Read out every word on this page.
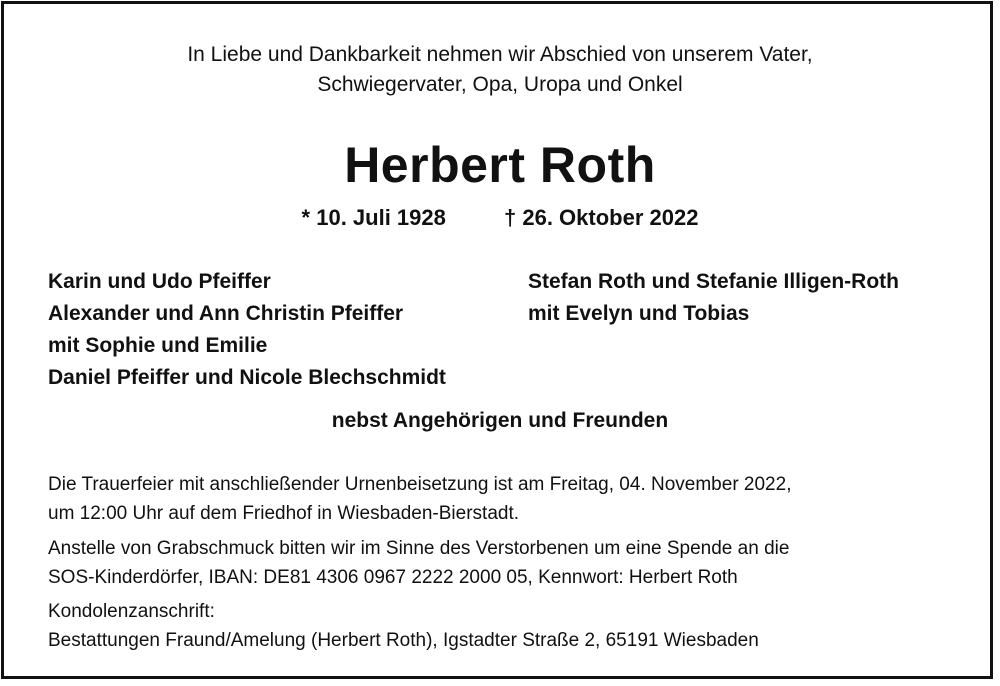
In Liebe und Dankbarkeit nehmen wir Abschied von unserem Vater,
Schwiegervater, Opa, Uropa und Onkel
Herbert Roth
* 10. Juli 1928	† 26. Oktober 2022
Karin und Udo Pfeiffer
Alexander und Ann Christin Pfeiffer
mit Sophie und Emilie
Daniel Pfeiffer und Nicole Blechschmidt
Stefan Roth und Stefanie Illigen-Roth
mit Evelyn und Tobias
nebst Angehörigen und Freunden
Die Trauerfeier mit anschließender Urnenbeisetzung ist am Freitag, 04. November 2022,
um 12:00 Uhr auf dem Friedhof in Wiesbaden-Bierstadt.
Anstelle von Grabschmuck bitten wir im Sinne des Verstorbenen um eine Spende an die
SOS-Kinderdörfer, IBAN: DE81 4306 0967 2222 2000 05, Kennwort: Herbert Roth
Kondolenzanschrift:
Bestattungen Fraund/Amelung (Herbert Roth), Igstadter Straße 2, 65191 Wiesbaden
